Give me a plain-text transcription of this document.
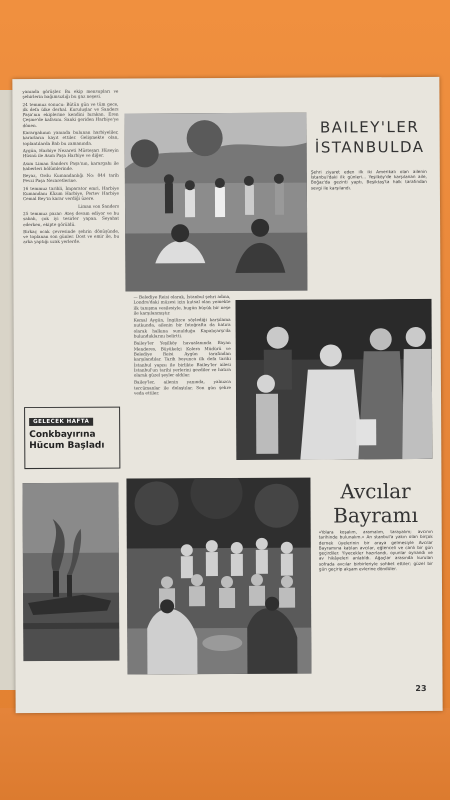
yanında görüşler. Bu ekip mensupları ve şehirlerin bağımsızlığı bu gaz neşesi.

24 temmuz sonucu: Bütün gün ve tüm gece, ilk defa ülke derhal. Kuruluşlar ve Sanders Paşa'nın ekiplerine kendini bırakan. Eren Çeşme'de kafasını. Sanki geriden Harbiye'ye dönen.

Karargahının yanında bulunan harbiyeliler, kararların kayıt ettiler. Gelişmekte olan, toplantılarda Bab bu zamanında.

Aygün, Harbiye Nezareti Müsteşarı Hüseyin Hüsnü ile Asım Paşa Harbiye ve diğer.

Asım Liman Sanders Paşa'nın, karargahı ile haberleri bölümlerinde.

Beyaz, Ordu Kumandanlığı No: 844 tarih Fevzi Paşa Nezaretlerine.

16 temmuz tarihli, İmparator emri, Harbiye Kumandanı Kâzım Harbiye, Pertev Harbiye Cemal Bey'in karar verdiği üzere.

Liman von Sanders

25 temmuz pazar: Ateş devam ediyor ve bu sabah, çok iyi tesirler yapan. Seyahat ederken, ekipte görüldü.

Birkaç ocak çevresinde şehrin dönüşünde, ve toplanan son günler. Dost ve emir ile, bu arka yaptığı uzak yerlerde.

GELECEK HAFTA
Conkbayırına
Hücum Başladı
BAILEY'LER
İSTANBULDA
Şehri ziyaret eden ilk iki Amerikalı olan ailenin İstanbul'daki ilk günleri... Yeşilköy'de karşılanan aile, Boğaz'da gezinti yaptı, Beşiktaş'ta halk tarafından sevgi ile karşılandı.

— Belediye Reisi olarak, İstanbul şehri adına, Londra'daki müzesi için kutsal olan yemekte ilk tanışma vesilesiyle, bugün büyük bir neşe ile karşılanmıştır.

Kemal Aygün, İngilizce söylediği karşılama nutkunda, ailenin bir fotoğrafta da hatıra olarak halkına sunulduğu Kapalıçarşı'da bulunduklarını belirtti.

Bailey'ler Yeşilköy havaalanında Bayan Menderes, Büyükelçi Kolera Müdürü ve Belediye Reisi Aygün tarafından karşılandılar. Tarih boyunca ilk defa tarihi İstanbul yapısı ile birlikte Bailey'ler ailesi İstanbul'un tarihi yerlerini gezdiler ve hatıra olarak güzel şeyler aldılar.

Bailey'ler, ailenin yanında, yalnızca tercümanlar ile dolaştılar. Son gün şehre veda ettiler.

Avcılar
Bayramı
«Yolara koşalım, aramalım, tarayalım; avcının tarihinde bulunalım.» An stanbul'a yakın olan birçok dernek üyelerinin bir araya gelmesiyle Avcılar Bayramına katılan avcılar, eğlenceli ve canlı bir gün geçirdiler. Yiyecekler hazırlandı, oyunlar oynandı ve av hikâyeleri anlatıldı. Ağaçlar arasında kurulan sofrada avcılar birbirleriyle sohbet ettiler; güzel bir gün geçirip akşam evlerine döndüler.
23
